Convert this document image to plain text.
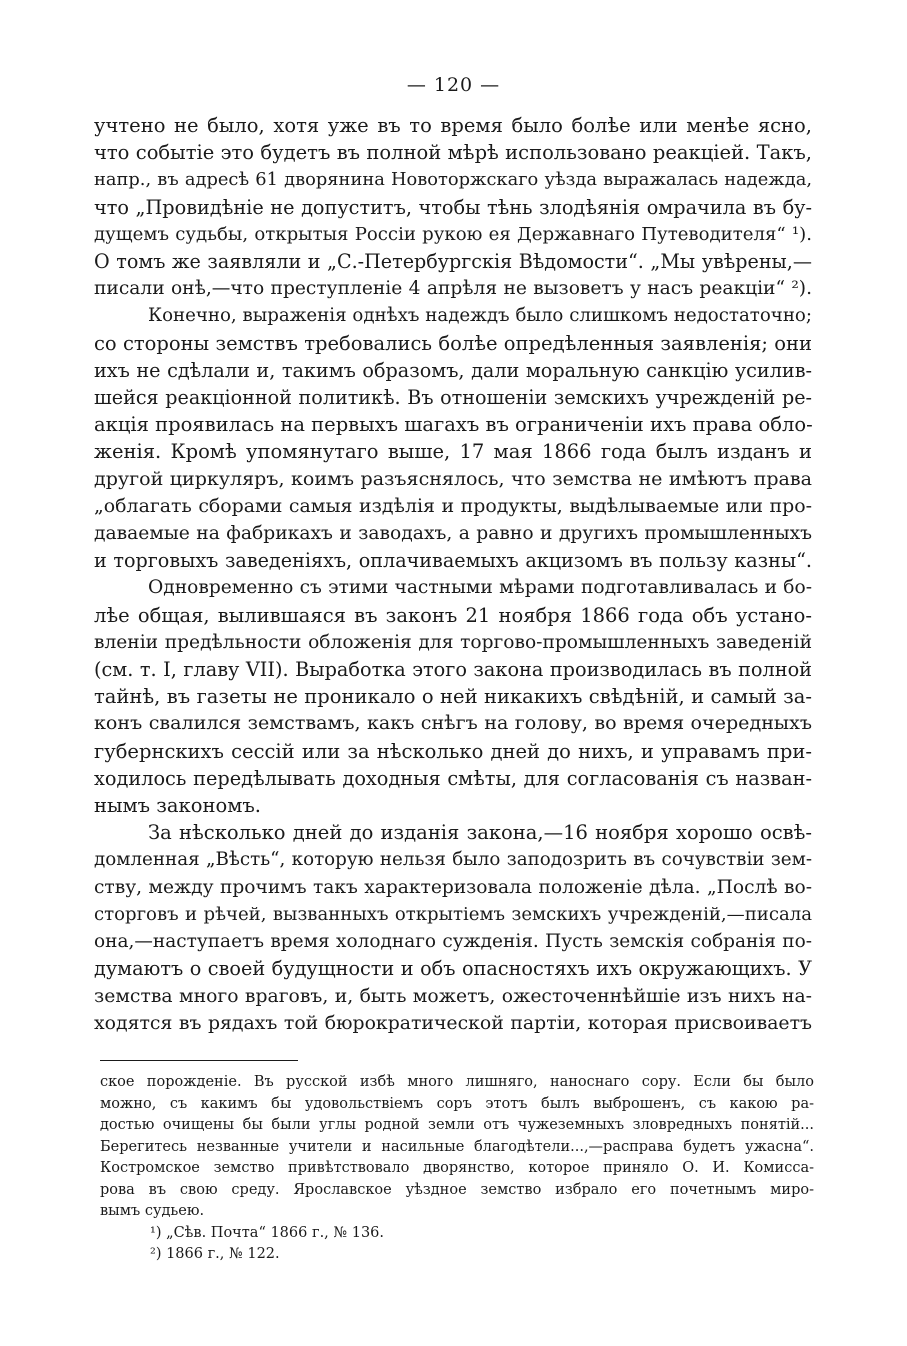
— 120 —

учтено не было, хотя уже въ то время было болѣе или менѣе ясно,
что событіе это будетъ въ полной мѣрѣ использовано реакціей. Такъ,
напр., въ адресѣ 61 дворянина Новоторжскаго уѣзда выражалась надежда,
что „Провидѣніе не допуститъ, чтобы тѣнь злодѣянія омрачила въ бу-
дущемъ судьбы, открытыя Россіи рукою ея Державнаго Путеводителя“ ¹).
О томъ же заявляли и „С.-Петербургскія Вѣдомости“. „Мы увѣрены,—
писали онѣ,—что преступленіе 4 апрѣля не вызоветъ у насъ реакціи“ ²).

Конечно, выраженія однѣхъ надеждъ было слишкомъ недостаточно;
со стороны земствъ требовались болѣе опредѣленныя заявленія; они
ихъ не сдѣлали и, такимъ образомъ, дали моральную санкцію усилив-
шейся реакціонной политикѣ. Въ отношеніи земскихъ учрежденій ре-
акція проявилась на первыхъ шагахъ въ ограниченіи ихъ права обло-
женія. Кромѣ упомянутаго выше, 17 мая 1866 года былъ изданъ и
другой циркуляръ, коимъ разъяснялось, что земства не имѣютъ права
„облагать сборами самыя издѣлія и продукты, выдѣлываемые или про-
даваемые на фабрикахъ и заводахъ, а равно и другихъ промышленныхъ
и торговыхъ заведеніяхъ, оплачиваемыхъ акцизомъ въ пользу казны“.

Одновременно съ этими частными мѣрами подготавливалась и бо-
лѣе общая, вылившаяся въ законъ 21 ноября 1866 года объ устано-
вленіи предѣльности обложенія для торгово-промышленныхъ заведеній
(см. т. I, главу VII). Выработка этого закона производилась въ полной
тайнѣ, въ газеты не проникало о ней никакихъ свѣдѣній, и самый за-
конъ свалился земствамъ, какъ снѣгъ на голову, во время очередныхъ
губернскихъ сессій или за нѣсколько дней до нихъ, и управамъ при-
ходилось передѣлывать доходныя смѣты, для согласованія съ назван-
нымъ закономъ.

За нѣсколько дней до изданія закона,—16 ноября хорошо освѣ-
домленная „Вѣсть“, которую нельзя было заподозрить въ сочувствіи зем-
ству, между прочимъ такъ характеризовала положеніе дѣла. „Послѣ во-
сторговъ и рѣчей, вызванныхъ открытіемъ земскихъ учрежденій,—писала
она,—наступаетъ время холоднаго сужденія. Пусть земскія собранія по-
думаютъ о своей будущности и объ опасностяхъ ихъ окружающихъ. У
земства много враговъ, и, быть можетъ, ожесточеннѣйшіе изъ нихъ на-
ходятся въ рядахъ той бюрократической партіи, которая присвоиваетъ

ское порожденіе. Въ русской избѣ много лишняго, наноснаго сору. Если бы было
можно, съ какимъ бы удовольствіемъ соръ этотъ былъ выброшенъ, съ какою ра-
достью очищены бы были углы родной земли отъ чужеземныхъ зловредныхъ понятій...
Берегитесь незванные учители и насильные благодѣтели...,—расправа будетъ ужасна“.
Костромское земство привѣтствовало дворянство, которое приняло О. И. Комисса-
рова въ свою среду. Ярославское уѣздное земство избрало его почетнымъ миро-
вымъ судьею.
¹) „Сѣв. Почта“ 1866 г., № 136.
²) 1866 г., № 122.
